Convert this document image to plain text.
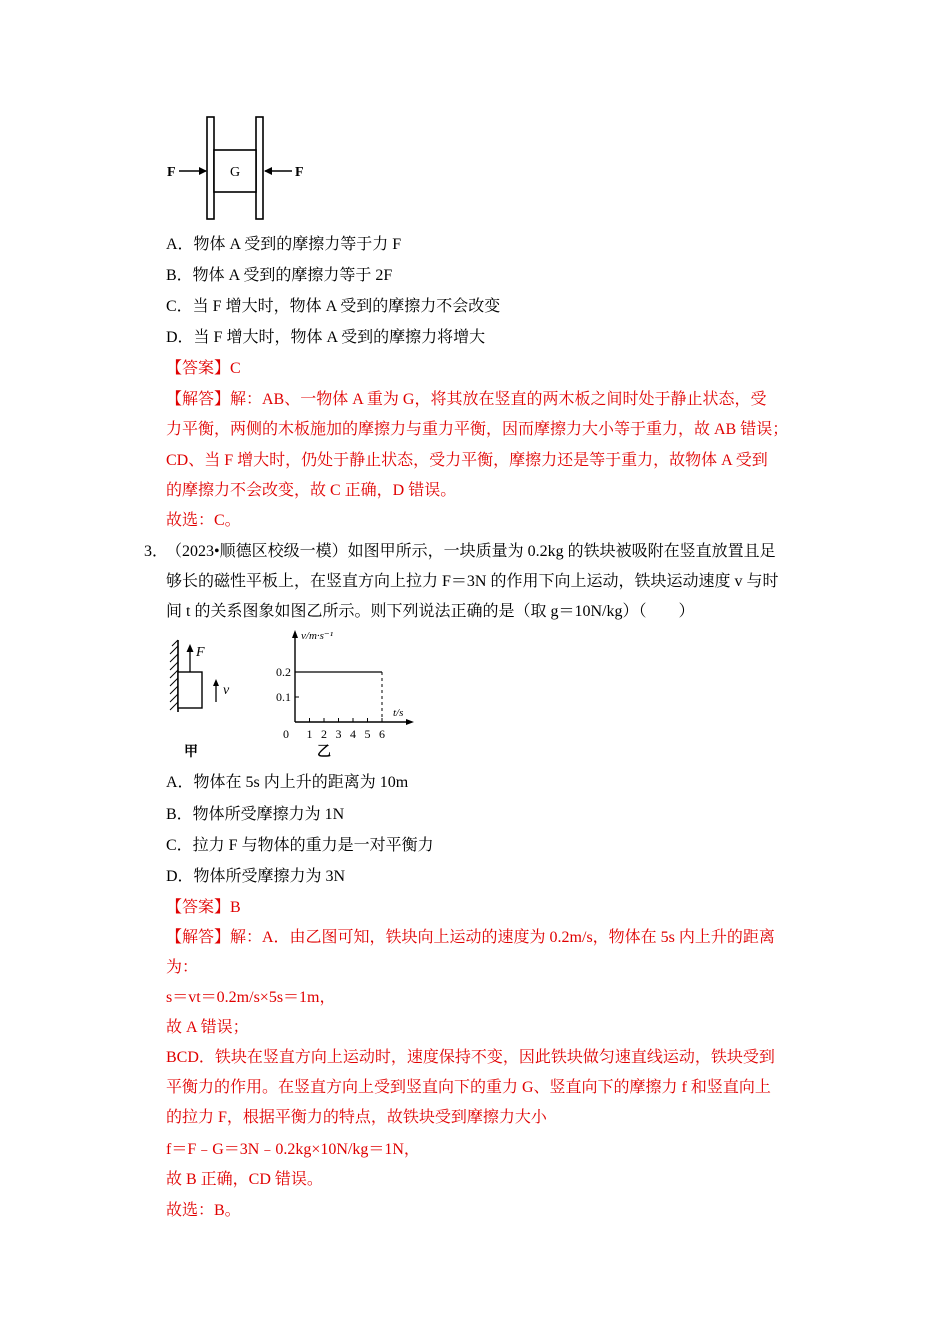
G
F	F
A．物体 A 受到的摩擦力等于力 F
B．物体 A 受到的摩擦力等于 2F
C．当 F 增大时，物体 A 受到的摩擦力不会改变
D．当 F 增大时，物体 A 受到的摩擦力将增大
【答案】C
【解答】解：AB、一物体 A 重为 G，将其放在竖直的两木板之间时处于静止状态，受
力平衡，两侧的木板施加的摩擦力与重力平衡，因而摩擦力大小等于重力，故 AB 错误；
CD、当 F 增大时，仍处于静止状态，受力平衡，摩擦力还是等于重力，故物体 A 受到
的摩擦力不会改变，故 C 正确，D 错误。
故选：C。
3．
（2023•顺德区校级一模）如图甲所示，一块质量为 0.2kg 的铁块被吸附在竖直放置且足
够长的磁性平板上，在竖直方向上拉力 F＝3N 的作用下向上运动，铁块运动速度 v 与时
间 t 的关系图象如图乙所示。则下列说法正确的是（取 g＝10N/kg）（　　）
F
v
甲
v/m·s⁻¹
t/s
0 1 2 3 4 5 6
0.1
0.2
乙
A．物体在 5s 内上升的距离为 10m
B．物体所受摩擦力为 1N
C．拉力 F 与物体的重力是一对平衡力
D．物体所受摩擦力为 3N
【答案】B
【解答】解：A．由乙图可知，铁块向上运动的速度为 0.2m/s，物体在 5s 内上升的距离
为：
s＝vt＝0.2m/s×5s＝1m，
故 A 错误；
BCD．铁块在竖直方向上运动时，速度保持不变，因此铁块做匀速直线运动，铁块受到
平衡力的作用。在竖直方向上受到竖直向下的重力 G、竖直向下的摩擦力 f 和竖直向上
的拉力 F，根据平衡力的特点，故铁块受到摩擦力大小
f＝F﹣G＝3N﹣0.2kg×10N/kg＝1N，
故 B 正确，CD 错误。
故选：B。
